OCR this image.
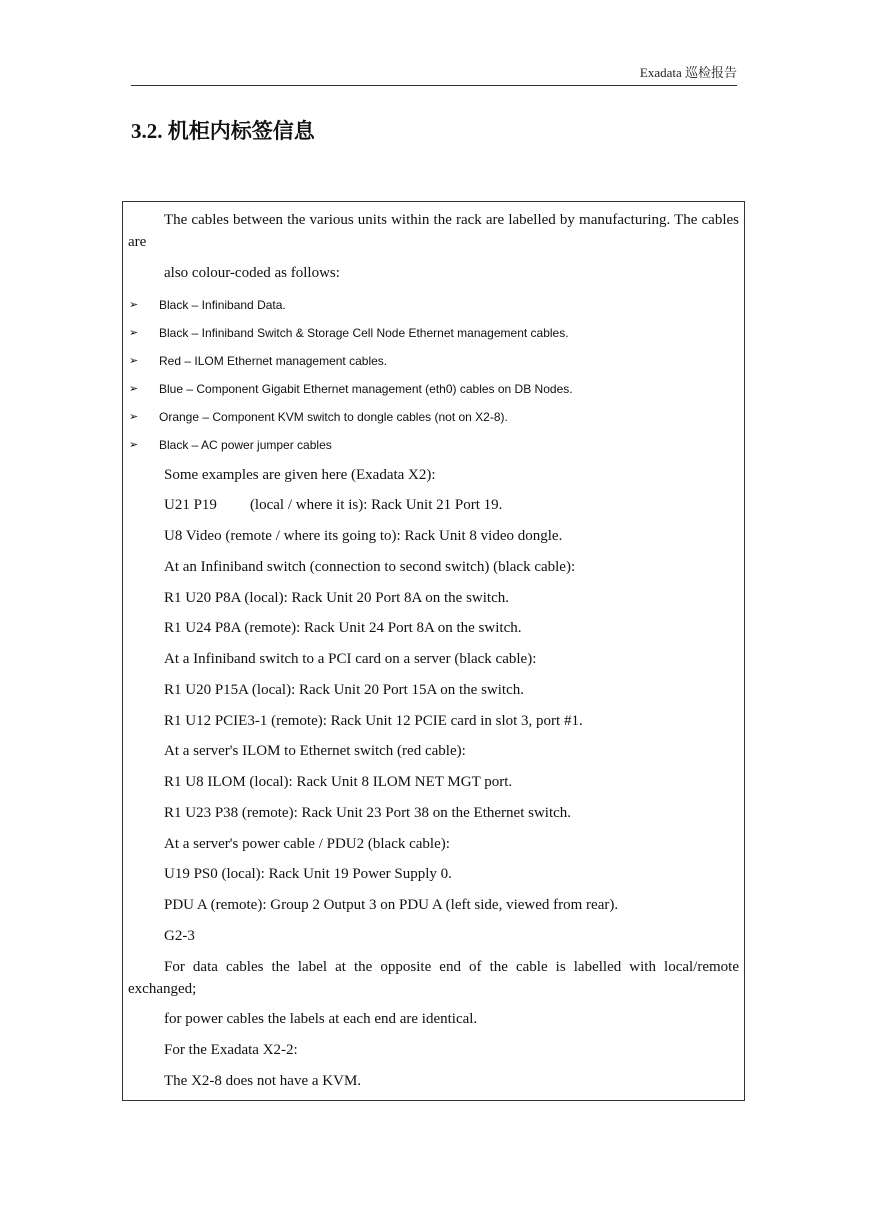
Exadata 巡检报告
3.2. 机柜内标签信息
The cables between the various units within the rack are labelled by manufacturing. The cables are
also colour-coded as follows:
➢	Black – Infiniband Data.
➢	Black – Infiniband Switch & Storage Cell Node Ethernet management cables.
➢	Red – ILOM Ethernet management cables.
➢	Blue – Component Gigabit Ethernet management (eth0) cables on DB Nodes.
➢	Orange – Component KVM switch to dongle cables (not on X2-8).
➢	Black – AC power jumper cables
Some examples are given here (Exadata X2):
U21 P19 (local / where it is): Rack Unit 21 Port 19.
U8 Video (remote / where its going to): Rack Unit 8 video dongle.
At an Infiniband switch (connection to second switch) (black cable):
R1 U20 P8A (local): Rack Unit 20 Port 8A on the switch.
R1 U24 P8A (remote): Rack Unit 24 Port 8A on the switch.
At a Infiniband switch to a PCI card on a server (black cable):
R1 U20 P15A (local): Rack Unit 20 Port 15A on the switch.
R1 U12 PCIE3-1 (remote): Rack Unit 12 PCIE card in slot 3, port #1.
At a server's ILOM to Ethernet switch (red cable):
R1 U8 ILOM (local): Rack Unit 8 ILOM NET MGT port.
R1 U23 P38 (remote): Rack Unit 23 Port 38 on the Ethernet switch.
At a server's power cable / PDU2 (black cable):
U19 PS0 (local): Rack Unit 19 Power Supply 0.
PDU A (remote): Group 2 Output 3 on PDU A (left side, viewed from rear).
G2-3
For data cables the label at the opposite end of the cable is labelled with local/remote exchanged;
for power cables the labels at each end are identical.
For the Exadata X2-2:
The X2-8 does not have a KVM.
